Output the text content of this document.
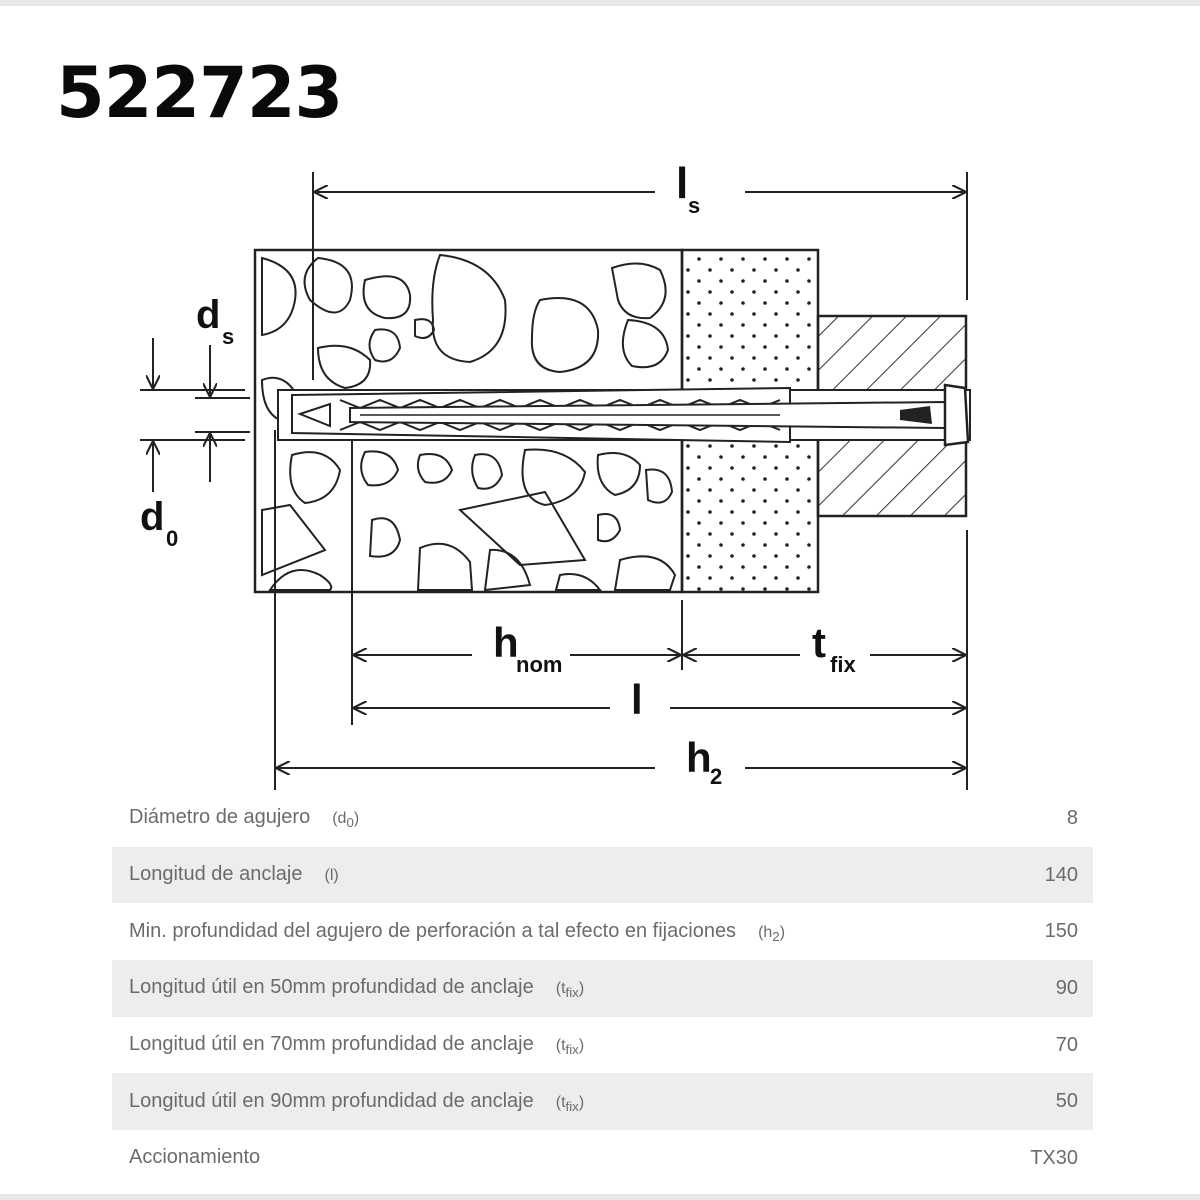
522723
l s
d s
d 0
h
nom	t fix
l
h
2
Diámetro de agujero $(d_0)$	8
Longitud de anclaje (l)	140
Min. profundidad del agujero de perforación a tal efecto en fijaciones $(h_2)$	150
Longitud útil en 50mm profundidad de anclaje $(t_{fix})$	90
Longitud útil en 70mm profundidad de anclaje $(t_{fix})$	70
Longitud útil en 90mm profundidad de anclaje $(t_{fix})$	50
Accionamiento	TX30
